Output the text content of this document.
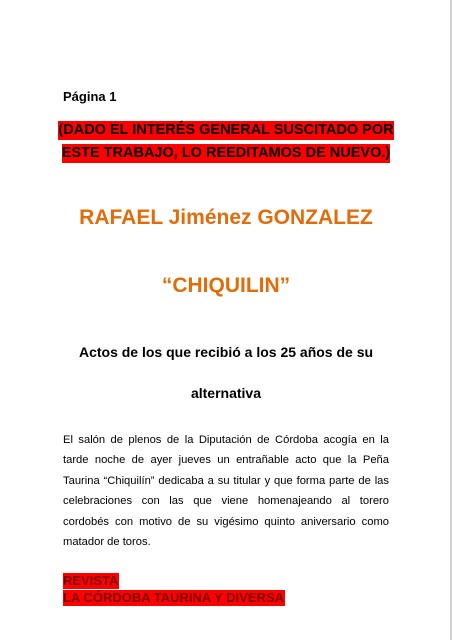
Página 1
(DADO EL INTERÉS GENERAL SUSCITADO POR ESTE TRABAJO, LO REEDITAMOS DE NUEVO.)
RAFAEL Jiménez GONZALEZ
“CHIQUILIN”
Actos de los que recibió a los 25 años de su
alternativa

El salón de plenos de la Diputación de Córdoba acogía en la tarde noche de ayer jueves un entrañable acto que la Peña Taurina “Chiquilín” dedicaba a su titular y que forma parte de las celebraciones con las que viene homenajeando al torero cordobés con motivo de su vigésimo quinto aniversario como matador de toros.

REVISTA
LA CÓRDOBA TAURINA Y DIVERSA
